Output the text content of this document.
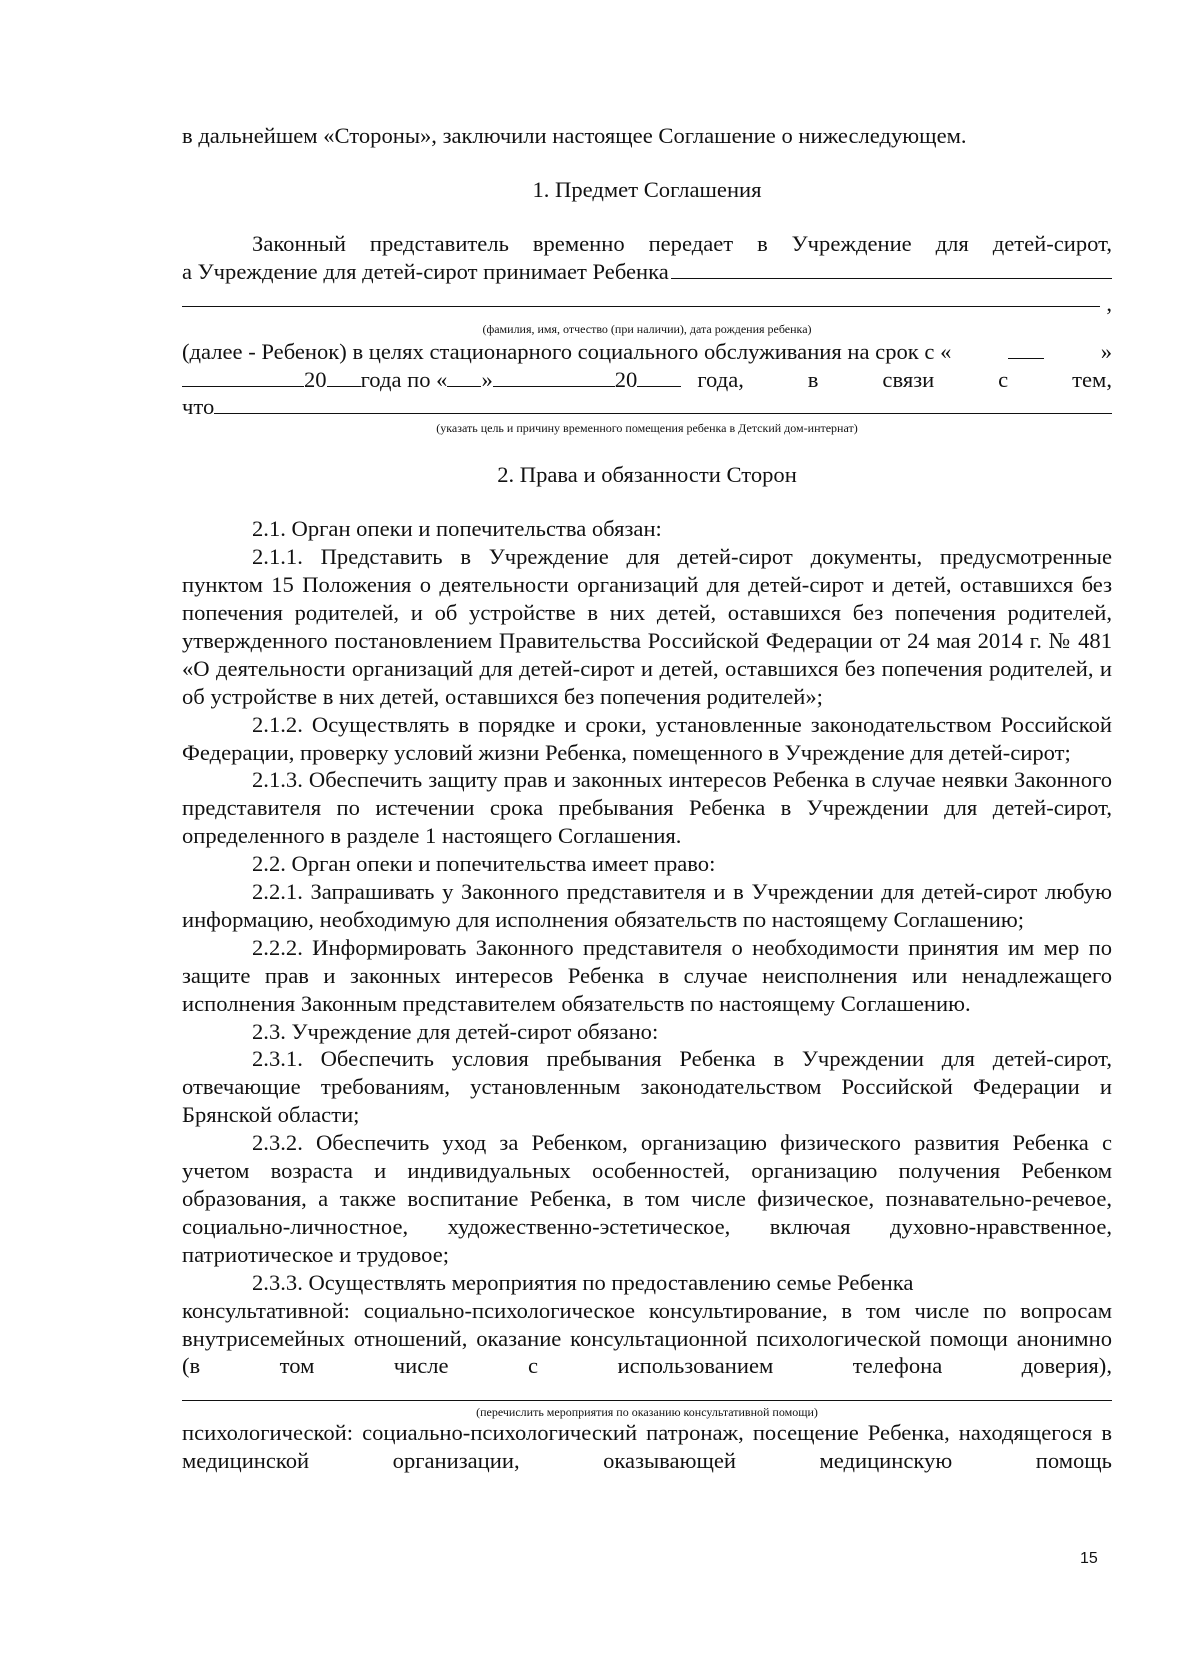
в дальнейшем «Стороны», заключили настоящее Соглашение о нижеследующем.

1. Предмет Соглашения

Законный представитель временно передает в Учреждение для детей-сирот,

а Учреждение для детей-сирот принимает Ребенка
,

(фамилия, имя, отчество (при наличии), дата рождения ребенка)

(далее - Ребенок) в целях стационарного социального обслуживания на срок с «	»
20	года по « »	20	года, в связи с тем,
что

(указать цель и причину временного помещения ребенка в Детский дом-интернат)

2. Права и обязанности Сторон

2.1. Орган опеки и попечительства обязан:

2.1.1. Представить в Учреждение для детей-сирот документы, предусмотренные пунктом 15 Положения о деятельности организаций для детей-сирот и детей, оставшихся без попечения родителей, и об устройстве в них детей, оставшихся без попечения родителей, утвержденного постановлением Правительства Российской Федерации от 24 мая 2014 г. № 481 «О деятельности организаций для детей-сирот и детей, оставшихся без попечения родителей, и об устройстве в них детей, оставшихся без попечения родителей»;

2.1.2. Осуществлять в порядке и сроки, установленные законодательством Российской Федерации, проверку условий жизни Ребенка, помещенного в Учреждение для детей-сирот;

2.1.3. Обеспечить защиту прав и законных интересов Ребенка в случае неявки Законного представителя по истечении срока пребывания Ребенка в Учреждении для детей-сирот, определенного в разделе 1 настоящего Соглашения.

2.2. Орган опеки и попечительства имеет право:

2.2.1. Запрашивать у Законного представителя и в Учреждении для детей-сирот любую информацию, необходимую для исполнения обязательств по настоящему Соглашению;

2.2.2. Информировать Законного представителя о необходимости принятия им мер по защите прав и законных интересов Ребенка в случае неисполнения или ненадлежащего исполнения Законным представителем обязательств по настоящему Соглашению.

2.3. Учреждение для детей-сирот обязано:

2.3.1. Обеспечить условия пребывания Ребенка в Учреждении для детей-сирот, отвечающие требованиям, установленным законодательством Российской Федерации и Брянской области;

2.3.2. Обеспечить уход за Ребенком, организацию физического развития Ребенка с учетом возраста и индивидуальных особенностей, организацию получения Ребенком образования, а также воспитание Ребенка, в том числе физическое, познавательно-речевое, социально-личностное, художественно-эстетическое, включая духовно-нравственное, патриотическое и трудовое;

2.3.3. Осуществлять мероприятия по предоставлению семье Ребенка

консультативной: социально-психологическое консультирование, в том числе по вопросам внутрисемейных отношений, оказание консультационной психологической помощи анонимно (в том числе с использованием телефона доверия),

(перечислить мероприятия по оказанию консультативной помощи)

психологической: социально-психологический патронаж, посещение Ребенка, находящегося в медицинской организации, оказывающей медицинскую помощь

15
